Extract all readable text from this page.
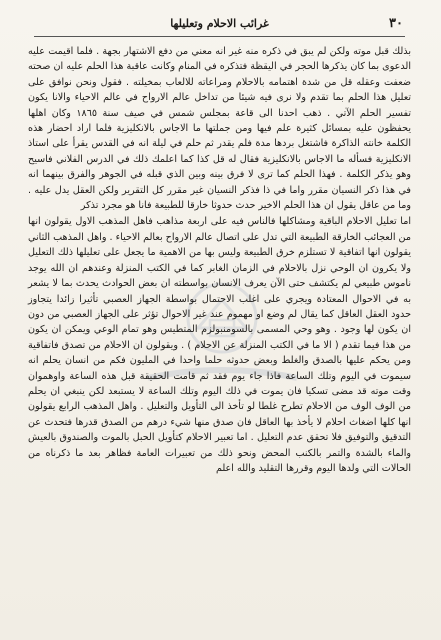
٣٠
غرائب الاحلام وتعليلها

بذلك قبل موته ولكن لم يبق في ذكره منه غير انه معني من دفع الاشتهار بجهة . فلما اقيمت عليه الدعوى بما كان يذكرها الحجر في اليقظة فتذكره في المنام وكانت عاقبة هذا الحلم عليه ان صحته ضعفت وعقله قل من شدة اهتمامه بالاحلام ومراعاته للالعاب بمخيلته . فقول ونحن نوافق على تعليل هذا الحلم بما تقدم ولا نرى فيه شيئا من تداخل عالم الارواح في عالم الاحياء والانا يكون تفسير الحلم الآتي . ذهب احدنا الى قاعة بمجلس شمس في صيف سنة ١٨٦٥ وكان اهلها يحفظون عليه بمسائل كثيرة علم فيها ومن جملتها ما الاجاس بالانكليزية فلما اراد احضار هذه الكلمة خانته الذاكرة فاشتغل بردها مدة فلم يقدر ثم حلم في ليلة انه في القدس يقرأ على استاذ الانكليزية فسأله ما الاجاس بالانكليزية فقال له قل كذا كما اعلمك ذلك في الدرس الفلاني فاسيح وهو يذكر الكلمة . فهذا الحلم كما ترى لا فرق بينه وبين الذي قبله في الجوهر والفرق بينهما انه في هذا ذكر النسيان مقرر واما في ذا فذكر النسيان غير مقرر كل التقرير ولكن العقل يدل عليه . وما من عاقل يقول ان هذا الحلم الاخير حدث حدوثا خارقا للطبيعة فانا هو مجرد تذكر

اما تعليل الاحلام الباقية ومشاكلها فالناس فيه على اربعة مذاهب فاهل المذهب الاول يقولون انها من العجائب الخارقة الطبيعة التي تدل على اتصال عالم الارواح بعالم الاحياء . واهل المذهب الثاني يقولون انها اتفاقية لا تستلزم خرق الطبيعة وليس بها من الاهمية ما يجعل على تعليلها ذلك التعليل ولا يكرون ان الوحي نزل بالاحلام في الزمان الغابر كما في الكتب المنزلة وعندهم ان الله يوجد ناموس طبيعي لم يكتشف حتى الآن يعرف الانسان بواسطته ان بعض الحوادث يحدث بما لا يشعر به في الاحوال المعتادة ويجري على اغلب الاحتمال بواسطة الجهاز العصبي تأثيرا زائدا يتجاوز حدود العقل العاقل كما يقال لم وضع او مهموم عند غير الاحوال تؤثر على الجهاز العصبي من دون ان يكون لها وجود . وهو وحي المسمى بالسومنبولزم المتطيس وهو تمام الوعي ويمكن ان يكون من هذا فيما تقدم ( الا ما في الكتب المنزلة عن الاحلام ) . ويقولون ان الاحلام من تصدق فاتفاقية ومن يحكم عليها بالصدق والغلط وبعض حدوثه حلما واحدا في المليون فكم من انسان يحلم انه سيموت في اليوم وتلك الساعة فاذا جاء يوم فقد ثم قامت الحقيقة قبل هذه الساعة واوهموان وقت موته قد مضى تسكيا فان يموت في ذلك اليوم وتلك الساعة لا يستبعد لكن ينبغي ان يحلم من الوف الوف من الاحلام تطرح غلطا لو تأخذ الى التأويل والتعليل . واهل المذهب الرابع يقولون انها كلها اضغاث احلام لا يأخذ بها العاقل فان صدق منها شيء درهم من الصدق قدرها فتحدث عن التدقيق والتوفيق فلا تحقق عدم التعليل . اما تعبير الاحلام كتأويل الحبل بالموت والصندوق بالعيش والماء بالشدة والتمر بالكنب المحض ونحو ذلك من تعبيرات العامة فظاهر بعد ما ذكرناه من الحالات التي ولدها اليوم وقررها التقليد والله اعلم
